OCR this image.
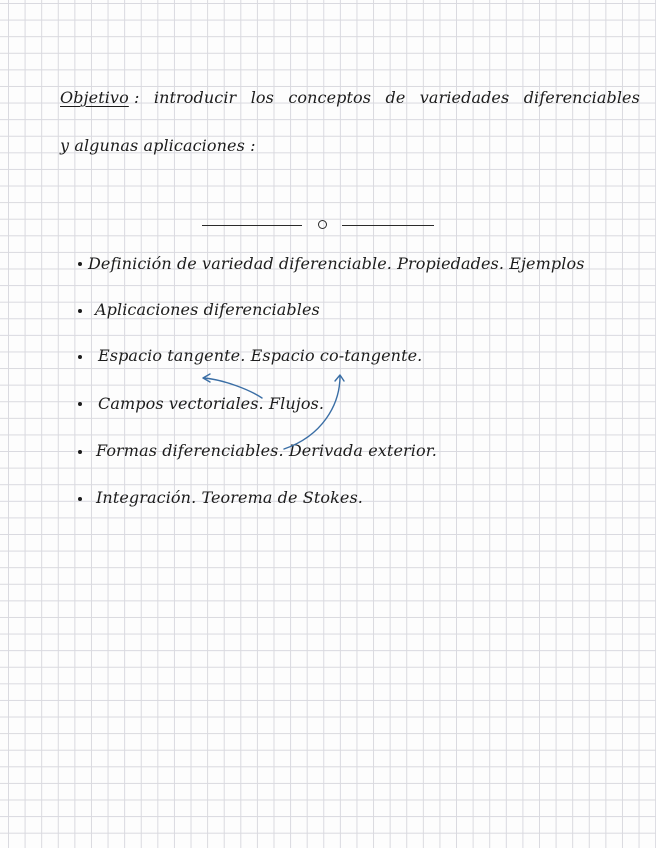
Objetivo : introducir los conceptos de variedades diferenciables
y algunas aplicaciones :
Definición de variedad diferenciable. Propiedades. Ejemplos
Aplicaciones diferenciables
Espacio tangente. Espacio co-tangente.
Campos vectoriales. Flujos.
Formas diferenciables. Derivada exterior.
Integración. Teorema de Stokes.
